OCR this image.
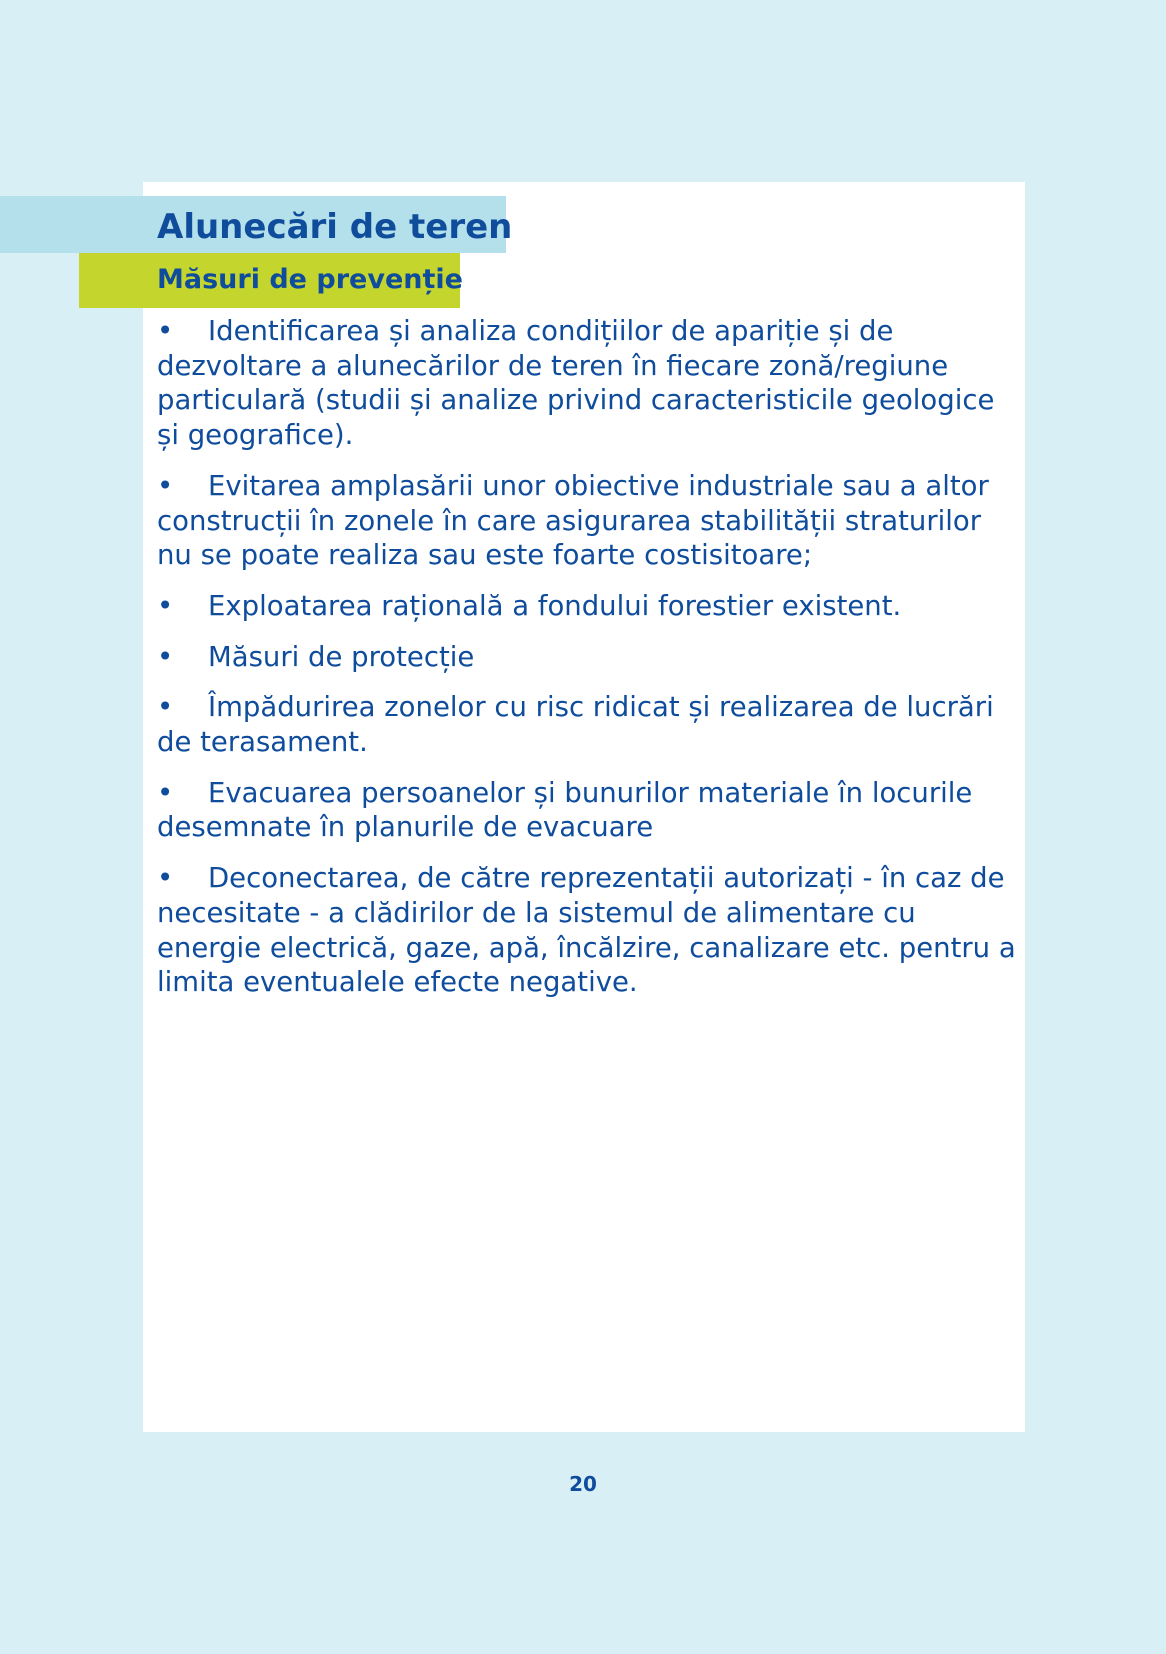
Alunecări de teren
Măsuri de prevenție
• Identificarea și analiza condițiilor de apariție și de dezvoltare a alunecărilor de teren în fiecare zonă/regiune particulară (studii și analize privind caracteristicile geologice și geografice).
• Evitarea amplasării unor obiective industriale sau a altor construcții în zonele în care asigurarea stabilității straturilor nu se poate realiza sau este foarte costisitoare;
• Exploatarea rațională a fondului forestier existent.
• Măsuri de protecție
• Împădurirea zonelor cu risc ridicat și realizarea de lucrări de terasament.
• Evacuarea persoanelor și bunurilor materiale în locurile desemnate în planurile de evacuare
• Deconectarea, de către reprezentații autorizați - în caz de necesitate - a clădirilor de la sistemul de alimentare cu energie electrică, gaze, apă, încălzire, canalizare etc. pentru a limita eventualele efecte negative.
20
